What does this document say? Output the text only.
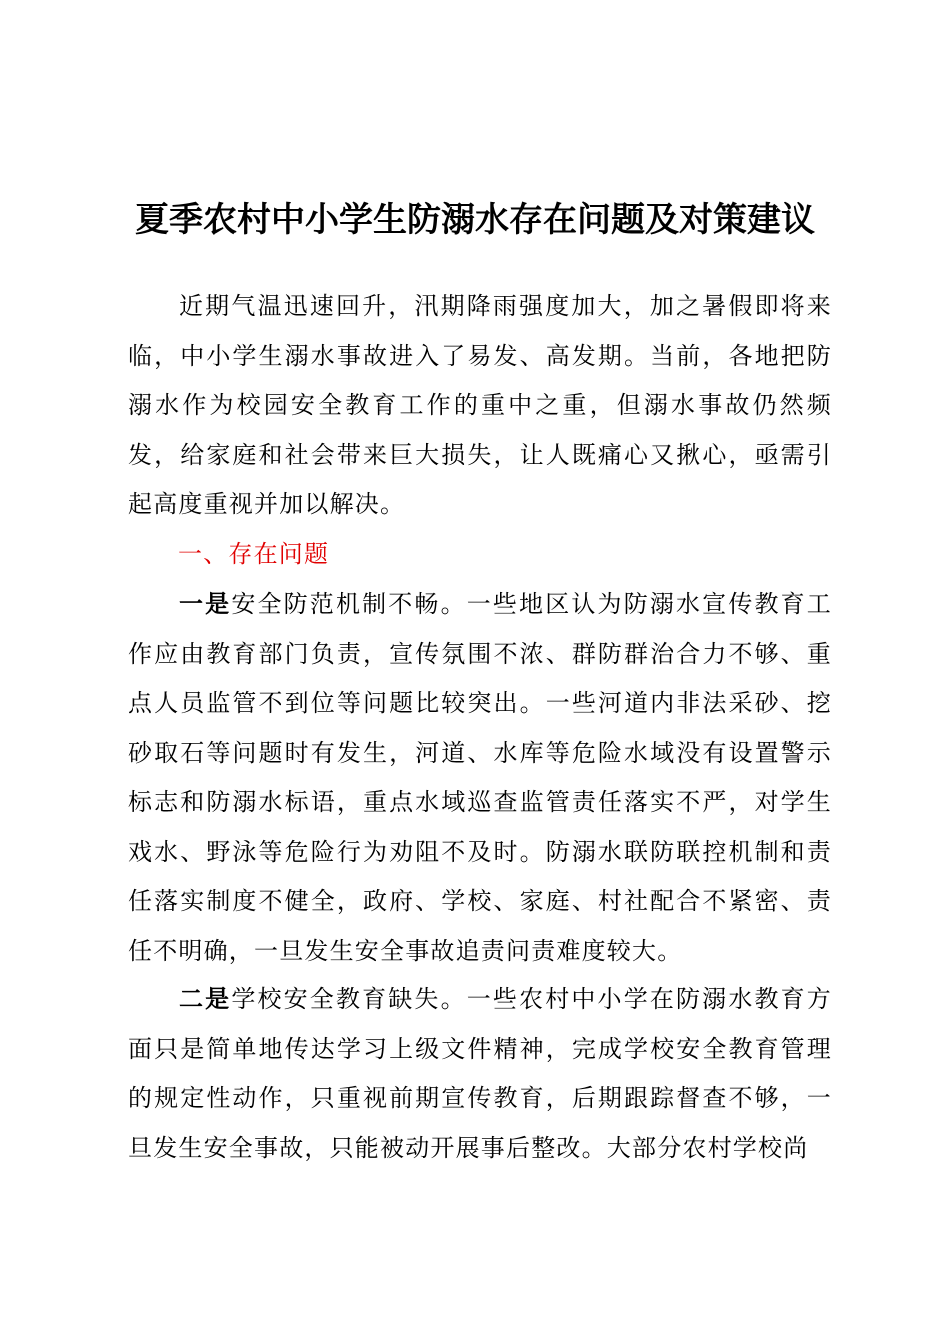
夏季农村中小学生防溺水存在问题及对策建议

近期气温迅速回升，汛期降雨强度加大，加之暑假即将来临，中小学生溺水事故进入了易发、高发期。当前，各地把防溺水作为校园安全教育工作的重中之重，但溺水事故仍然频发，给家庭和社会带来巨大损失，让人既痛心又揪心，亟需引起高度重视并加以解决。

一、存在问题

一是安全防范机制不畅。一些地区认为防溺水宣传教育工作应由教育部门负责，宣传氛围不浓、群防群治合力不够、重点人员监管不到位等问题比较突出。一些河道内非法采砂、挖砂取石等问题时有发生，河道、水库等危险水域没有设置警示标志和防溺水标语，重点水域巡查监管责任落实不严，对学生戏水、野泳等危险行为劝阻不及时。防溺水联防联控机制和责任落实制度不健全，政府、学校、家庭、村社配合不紧密、责任不明确，一旦发生安全事故追责问责难度较大。

二是学校安全教育缺失。一些农村中小学在防溺水教育方面只是简单地传达学习上级文件精神，完成学校安全教育管理的规定性动作，只重视前期宣传教育，后期跟踪督查不够，一旦发生安全事故，只能被动开展事后整改。大部分农村学校尚
